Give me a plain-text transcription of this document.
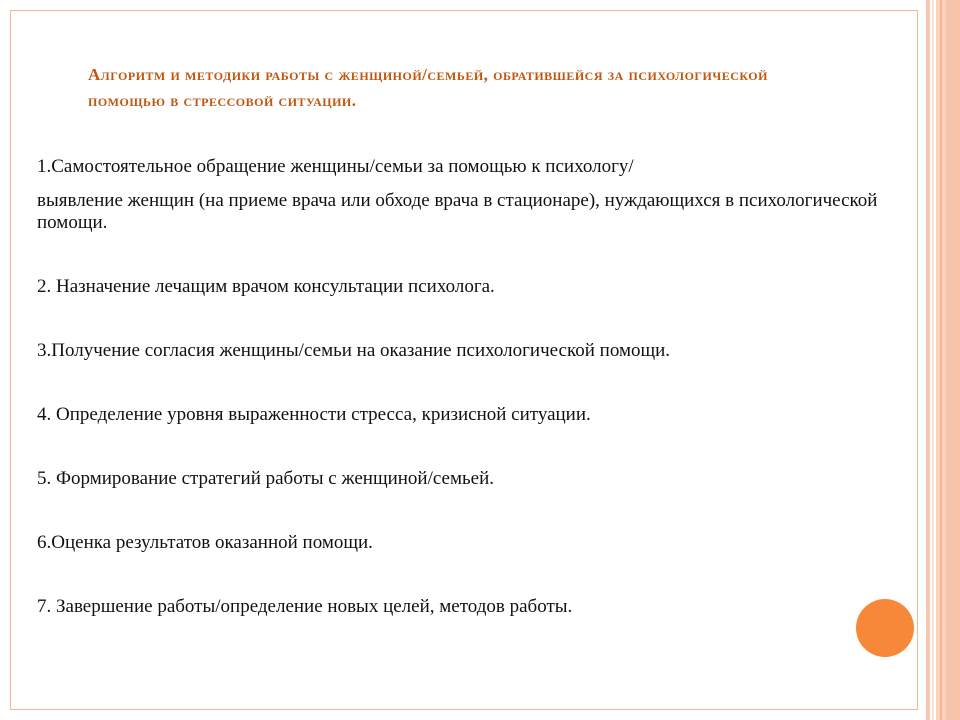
Алгоритм и методики работы с женщиной/семьей, обратившейся за психологической помощью в стрессовой ситуации.

1.Самостоятельное обращение женщины/семьи за помощью к психологу/

выявление женщин (на приеме врача или обходе врача в стационаре), нуждающихся в психологической помощи.

2. Назначение лечащим врачом консультации психолога.

3.Получение согласия женщины/семьи на оказание психологической помощи.

4. Определение уровня выраженности стресса, кризисной ситуации.

5. Формирование стратегий работы с женщиной/семьей.

6.Оценка результатов оказанной помощи.

7. Завершение работы/определение новых целей, методов работы.
